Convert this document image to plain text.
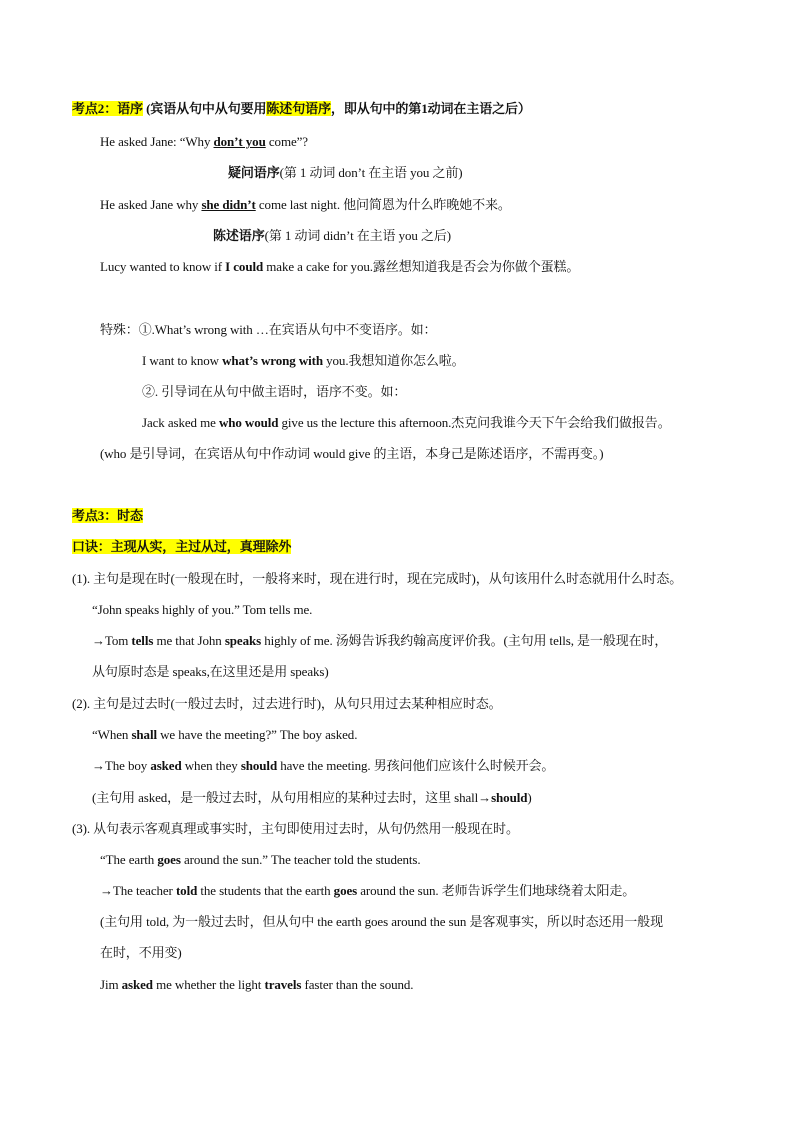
考点2：语序 (宾语从句中从句要用陈述句语序，即从句中的第1动词在主语之后）
He asked Jane: “Why don’t you come”?
疑问语序(第 1 动词 don’t 在主语 you 之前)
He asked Jane why she didn’t come last night. 他问简恩为什么昨晚她不来。
陈述语序(第 1 动词 didn’t 在主语 you 之后)
Lucy wanted to know if I could make a cake for you.露丝想知道我是否会为你做个蛋糕。
特殊：①.What’s wrong with …在宾语从句中不变语序。如：
I want to know what’s wrong with you.我想知道你怎么啦。
②. 引导词在从句中做主语时，语序不变。如：
Jack asked me who would give us the lecture this afternoon.杰克问我谁今天下午会给我们做报告。
(who 是引导词，在宾语从句中作动词 would give 的主语，本身己是陈述语序，不需再变。)
考点3：时态
口诀：主现从实，主过从过，真理除外
(1). 主句是现在时(一般现在时，一般将来时，现在进行时，现在完成时)，从句该用什么时态就用什么时态。
“John speaks highly of you.” Tom tells me.
→Tom tells me that John speaks highly of me. 汤姆告诉我约翰高度评价我。(主句用 tells, 是一般现在时，
从句原时态是 speaks,在这里还是用 speaks)
(2). 主句是过去时(一般过去时，过去进行时)，从句只用过去某种相应时态。
“When shall we have the meeting?” The boy asked.
→The boy asked when they should have the meeting. 男孩问他们应该什么时候开会。
(主句用 asked，是一般过去时，从句用相应的某种过去时，这里 shall→should)
(3). 从句表示客观真理或事实时，主句即使用过去时，从句仍然用一般现在时。
“The earth goes around the sun.” The teacher told the students.
→The teacher told the students that the earth goes around the sun. 老师告诉学生们地球绕着太阳走。
(主句用 told, 为一般过去时，但从句中 the earth goes around the sun 是客观事实，所以时态还用一般现
在时，不用变)
Jim asked me whether the light travels faster than the sound.
